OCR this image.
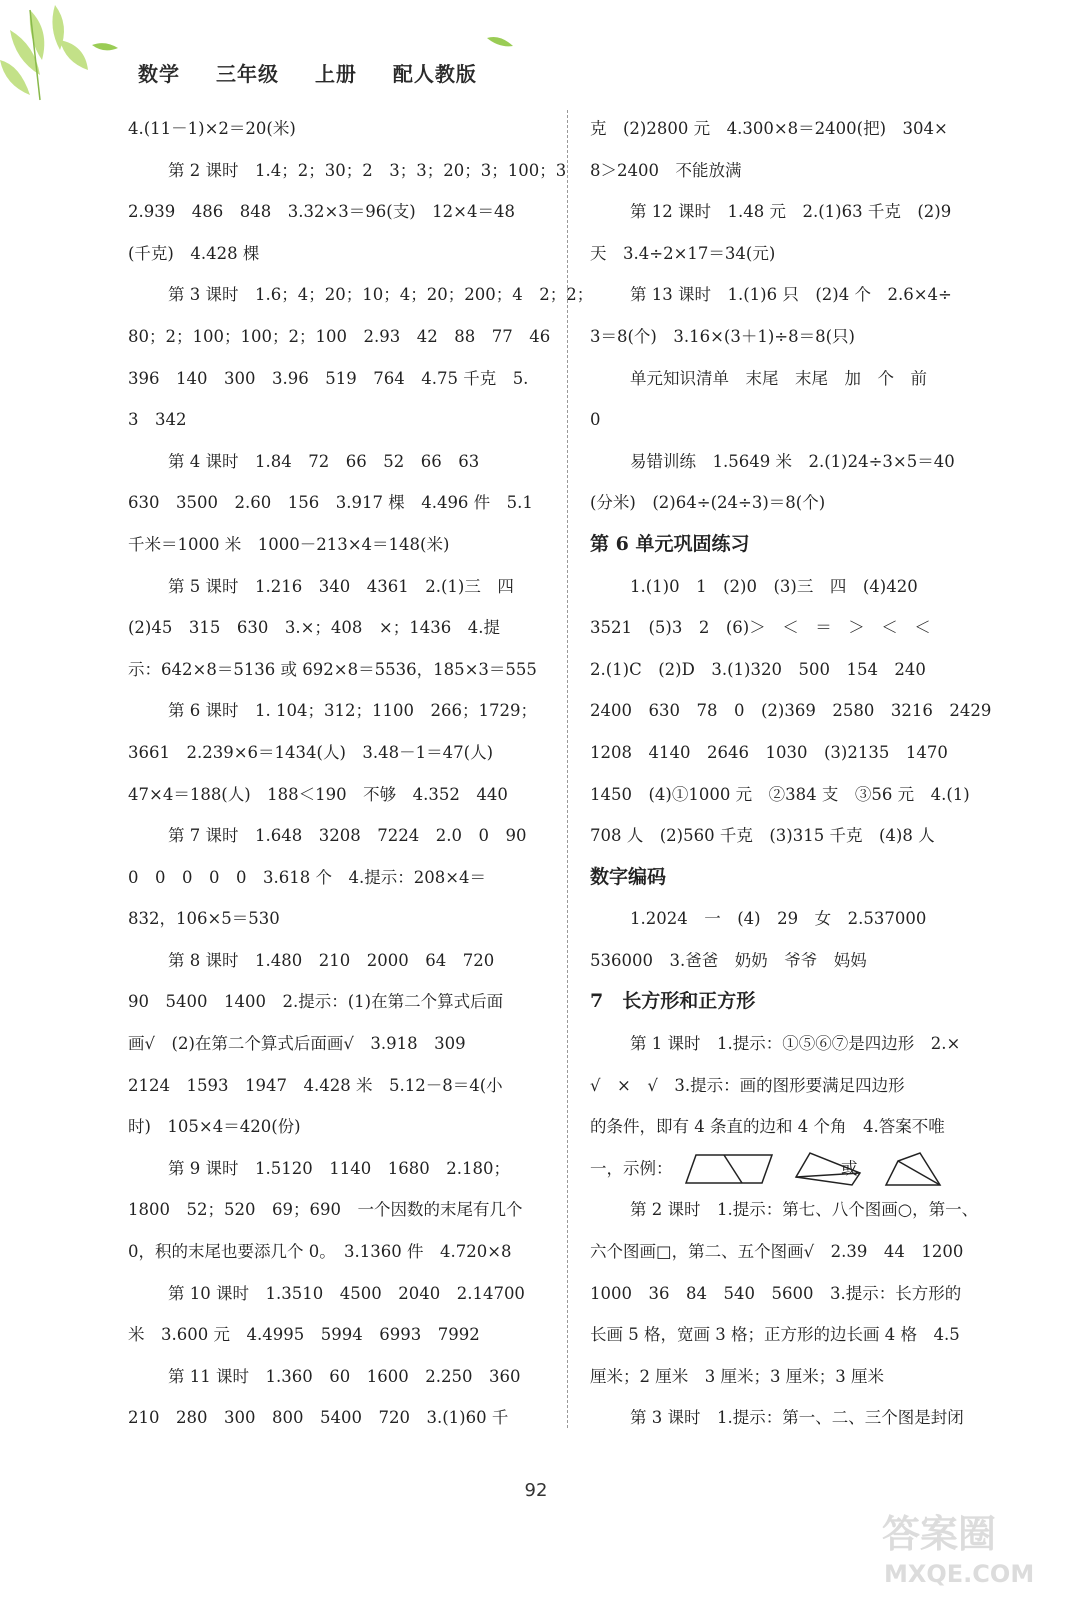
数学 三年级 上册 配人教版
4.(11－1)×2＝20(米)
第 2 课时　1.4；2；30；2　3；3；20；3；100；3
2.939　486　848　3.32×3＝96(支)　12×4＝48
(千克)　4.428 棵
第 3 课时　1.6；4；20；10；4；20；200；4　2；2；
80；2；100；100；2；100　2.93　42　88　77　46
396　140　300　3.96　519　764　4.75 千克　5.
3　342
第 4 课时　1.84　72　66　52　66　63
630　3500　2.60　156　3.917 棵　4.496 件　5.1
千米＝1000 米　1000－213×4＝148(米)
第 5 课时　1.216　340　4361　2.(1)三　四
(2)45　315　630　3.×；408　×；1436　4.提
示：642×8＝5136 或 692×8＝5536，185×3＝555
第 6 课时　1. 104；312；1100　266；1729；
3661　2.239×6＝1434(人)　3.48－1＝47(人)
47×4＝188(人)　188＜190　不够　4.352　440
第 7 课时　1.648　3208　7224　2.0　0　90
0　0　0　0　0　3.618 个　4.提示：208×4＝
832，106×5＝530
第 8 课时　1.480　210　2000　64　720
90　5400　1400　2.提示：(1)在第二个算式后面
画√　(2)在第二个算式后面画√　3.918　309
2124　1593　1947　4.428 米　5.12－8＝4(小
时)　105×4＝420(份)
第 9 课时　1.5120　1140　1680　2.180；
1800　52；520　69；690　一个因数的末尾有几个
0，积的末尾也要添几个 0。　3.1360 件　4.720×8
第 10 课时　1.3510　4500　2040　2.14700
米　3.600 元　4.4995　5994　6993　7992
第 11 课时　1.360　60　1600　2.250　360
210　280　300　800　5400　720　3.(1)60 千
克　(2)2800 元　4.300×8＝2400(把)　304×
8＞2400　不能放满
第 12 课时　1.48 元　2.(1)63 千克　(2)9
天　3.4÷2×17＝34(元)
第 13 课时　1.(1)6 只　(2)4 个　2.6×4÷
3＝8(个)　3.16×(3＋1)÷8＝8(只)
单元知识清单　末尾　末尾　加　个　前
0
易错训练　1.5649 米　2.(1)24÷3×5＝40
(分米)　(2)64÷(24÷3)＝8(个)
第 6 单元巩固练习
1.(1)0　1　(2)0　(3)三　四　(4)420
3521　(5)3　2　(6)＞　＜　＝　＞　＜　＜
2.(1)C　(2)D　3.(1)320　500　154　240
2400　630　78　0　(2)369　2580　3216　2429
1208　4140　2646　1030　(3)2135　1470
1450　(4)①1000 元　②384 支　③56 元　4.(1)
708 人　(2)560 千克　(3)315 千克　(4)8 人
数字编码
1.2024　一　(4)　29　女　2.537000
536000　3.爸爸　奶奶　爷爷　妈妈
7　长方形和正方形
第 1 课时　1.提示：①⑤⑥⑦是四边形　2.×
√　×　√　3.提示：画的图形要满足四边形
的条件，即有 4 条直的边和 4 个角　4.答案不唯
一，示例：	或
第 2 课时　1.提示：第七、八个图画○，第一、
六个图画□，第二、五个图画√　2.39　44　1200
1000　36　84　540　5600　3.提示：长方形的
长画 5 格，宽画 3 格；正方形的边长画 4 格　4.5
厘米；2 厘米　3 厘米；3 厘米；3 厘米
第 3 课时　1.提示：第一、二、三个图是封闭
92
答案圈
MXQE.COM
